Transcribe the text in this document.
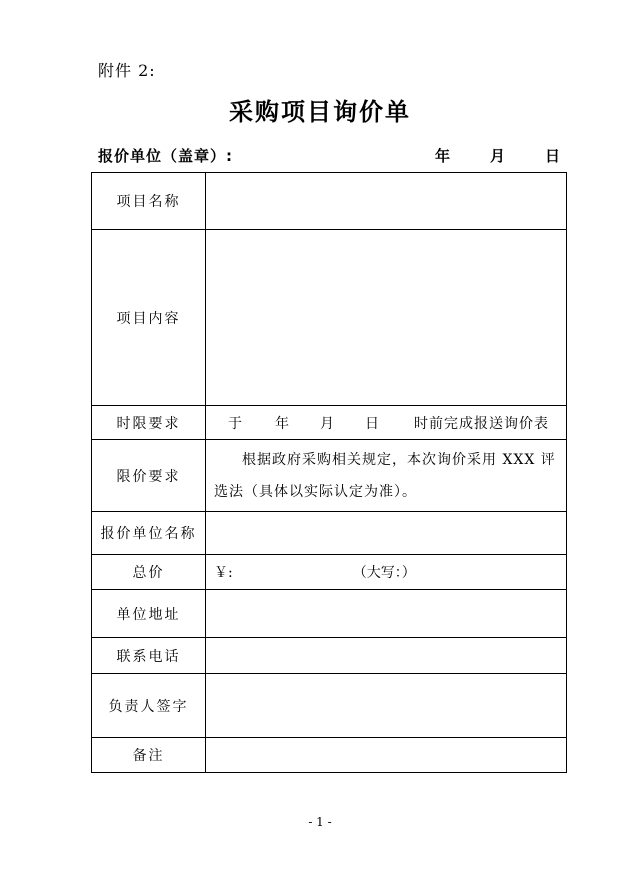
附件 2:
采购项目询价单
报价单位（盖章）:	年	月	日
项目名称	
项目内容	
时限要求	于 年 月 日 时前完成报送询价表

限价要求	根据政府采购相关规定，本次询价采用 XXX 评选法（具体以实际认定为准）。

报价单位名称	
总价	￥: （大写：）

单位地址	
联系电话	
负责人签字	
备注	
- 1 -
